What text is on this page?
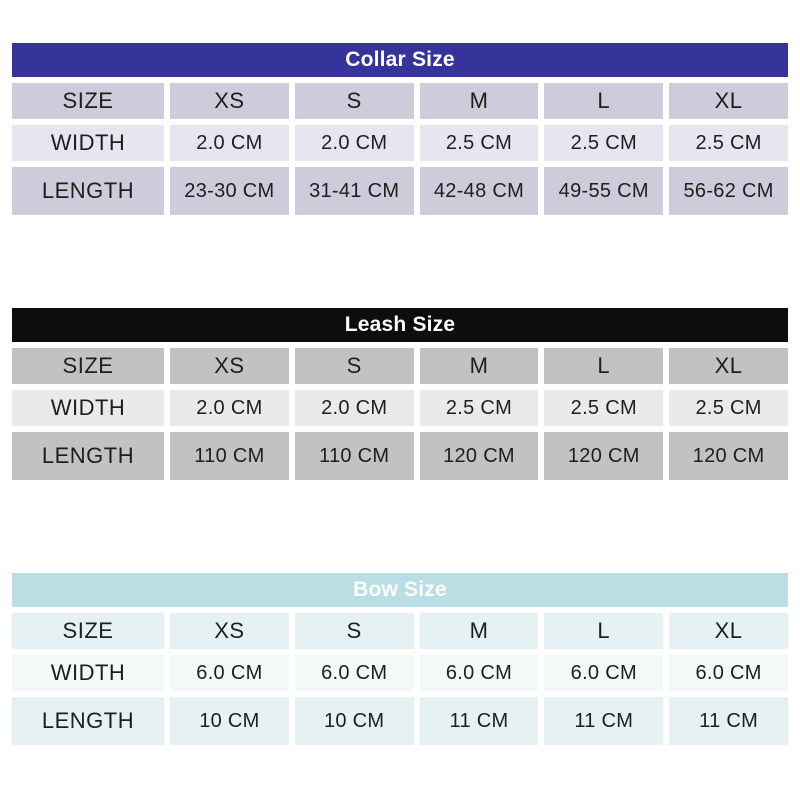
Collar Size					
SIZE	XS	S	M	L	XL
WIDTH	2.0 CM	2.0 CM	2.5 CM	2.5 CM	2.5 CM
LENGTH	23-30 CM	31-41 CM	42-48 CM	49-55 CM	56-62 CM
Leash Size					
SIZE	XS	S	M	L	XL
WIDTH	2.0 CM	2.0 CM	2.5 CM	2.5 CM	2.5 CM
LENGTH	110 CM	110 CM	120 CM	120 CM	120 CM
Bow Size					
SIZE	XS	S	M	L	XL
WIDTH	6.0 CM	6.0 CM	6.0 CM	6.0 CM	6.0 CM
LENGTH	10 CM	10 CM	11 CM	11 CM	11 CM
